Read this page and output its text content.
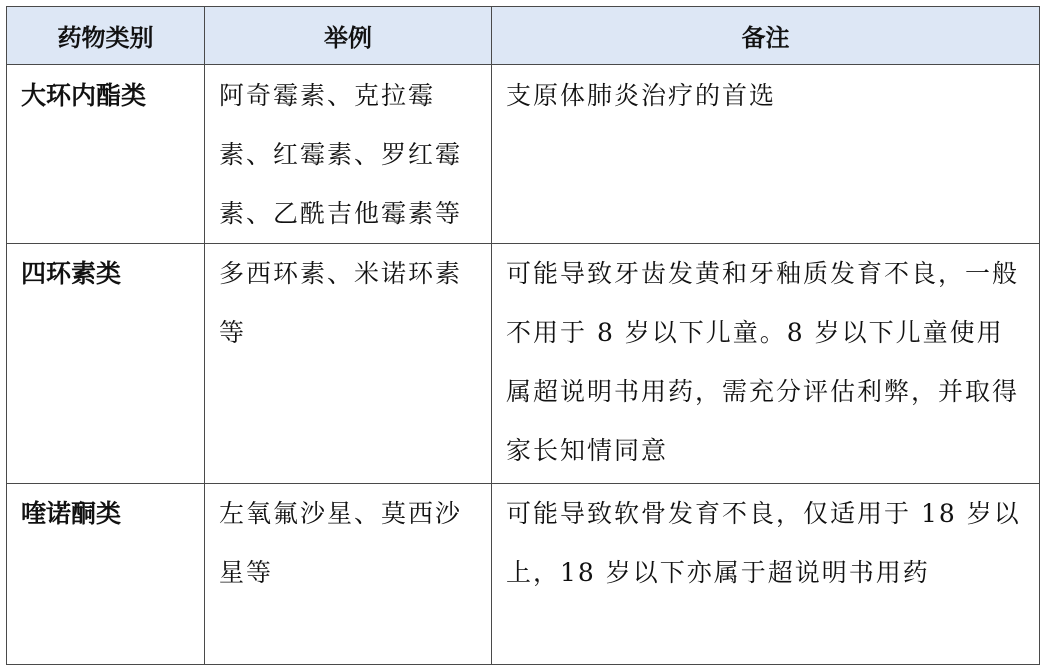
药物类别	举例	备注
大环内酯类	阿奇霉素、克拉霉素、红霉素、罗红霉素、乙酰吉他霉素等	支原体肺炎治疗的首选
四环素类	多西环素、米诺环素等	可能导致牙齿发黄和牙釉质发育不良，一般不用于 8 岁以下儿童。8 岁以下儿童使用属超说明书用药，需充分评估利弊，并取得家长知情同意
喹诺酮类	左氧氟沙星、莫西沙星等	可能导致软骨发育不良，仅适用于 18 岁以上，18 岁以下亦属于超说明书用药
